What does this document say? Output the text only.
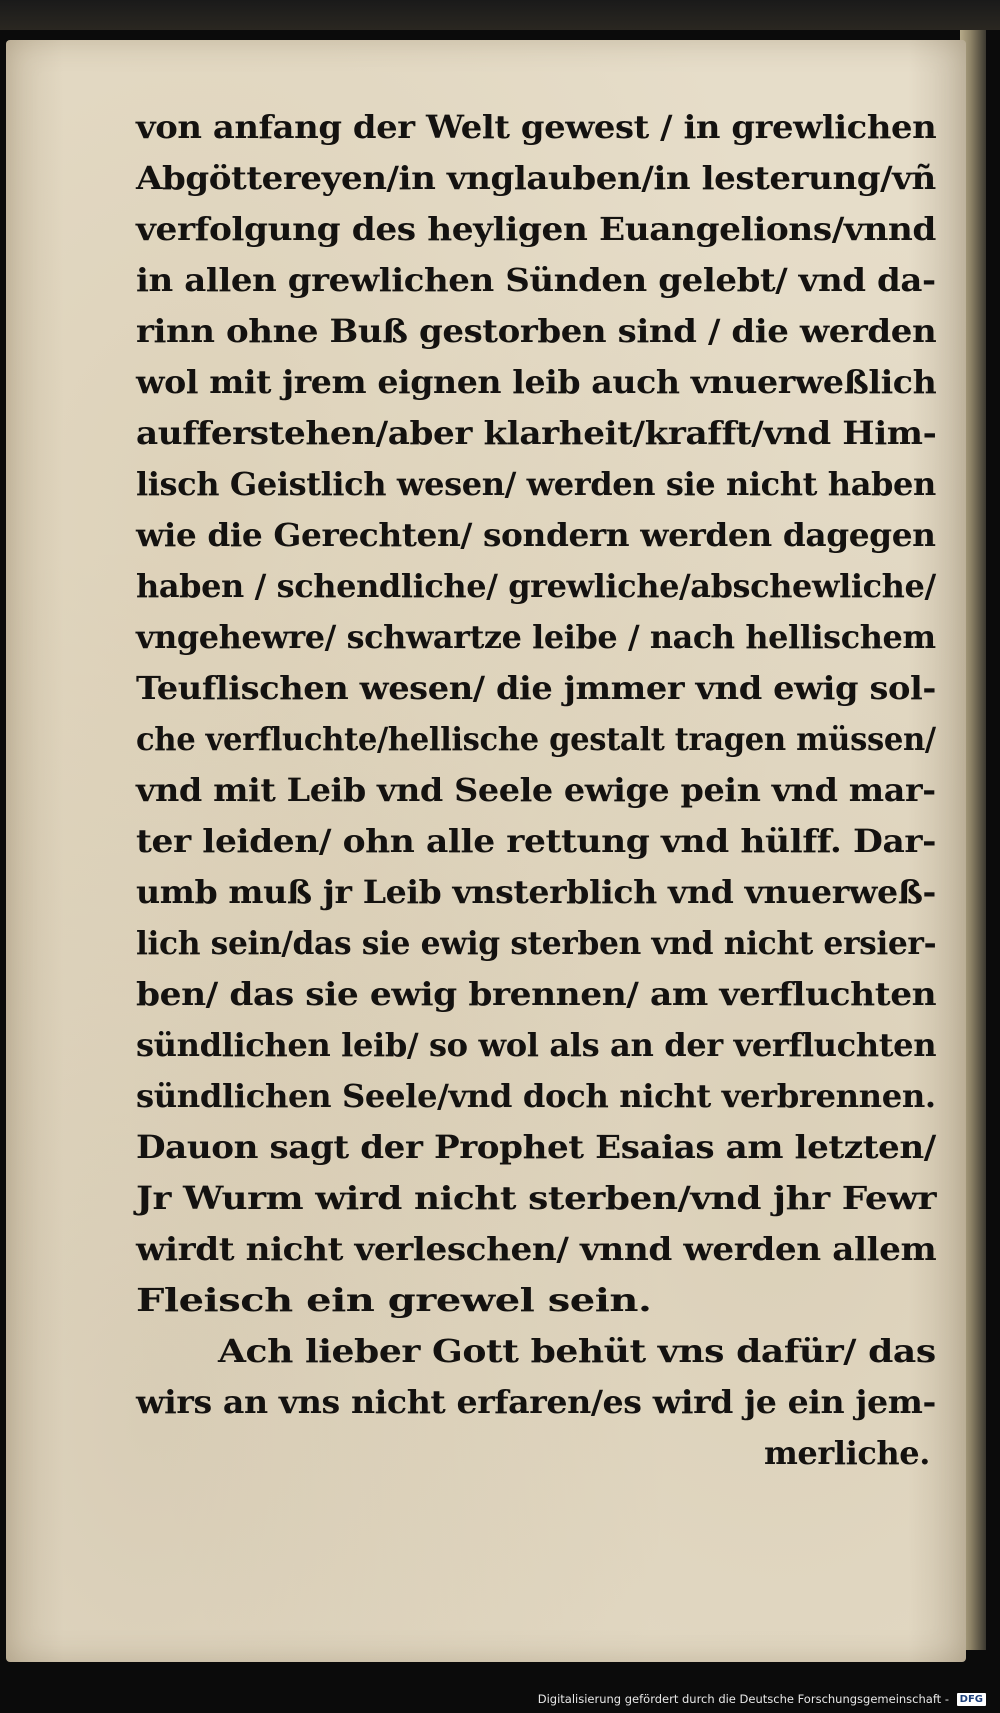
von anfang der Welt gewest / in grewlichen
Abgöttereyen/in vnglauben/in lesterung/vñ
verfolgung des heyligen Euangelions/vnnd
in allen grewlichen Sünden gelebt/ vnd da-
rinn ohne Buß gestorben sind / die werden
wol mit jrem eignen leib auch vnuerweßlich
aufferstehen/aber klarheit/krafft/vnd Him-
lisch Geistlich wesen/ werden sie nicht haben
wie die Gerechten/ sondern werden dagegen
haben / schendliche/ grewliche/abschewliche/
vngehewre/ schwartze leibe / nach hellischem
Teuflischen wesen/ die jmmer vnd ewig sol-
che verfluchte/hellische gestalt tragen müssen/
vnd mit Leib vnd Seele ewige pein vnd mar-
ter leiden/ ohn alle rettung vnd hülff. Dar-
umb muß jr Leib vnsterblich vnd vnuerweß-
lich sein/das sie ewig sterben vnd nicht ersier-
ben/ das sie ewig brennen/ am verfluchten
sündlichen leib/ so wol als an der verfluchten
sündlichen Seele/vnd doch nicht verbrennen.
Dauon sagt der Prophet Esaias am letzten/
Jr Wurm wird nicht sterben/vnd jhr Fewr
wirdt nicht verleschen/ vnnd werden allem
Fleisch ein grewel sein.
Ach lieber Gott behüt vns dafür/ das
wirs an vns nicht erfaren/es wird je ein jem-
merliche.
Digitalisierung gefördert durch die Deutsche Forschungsgemeinschaft - DFG
